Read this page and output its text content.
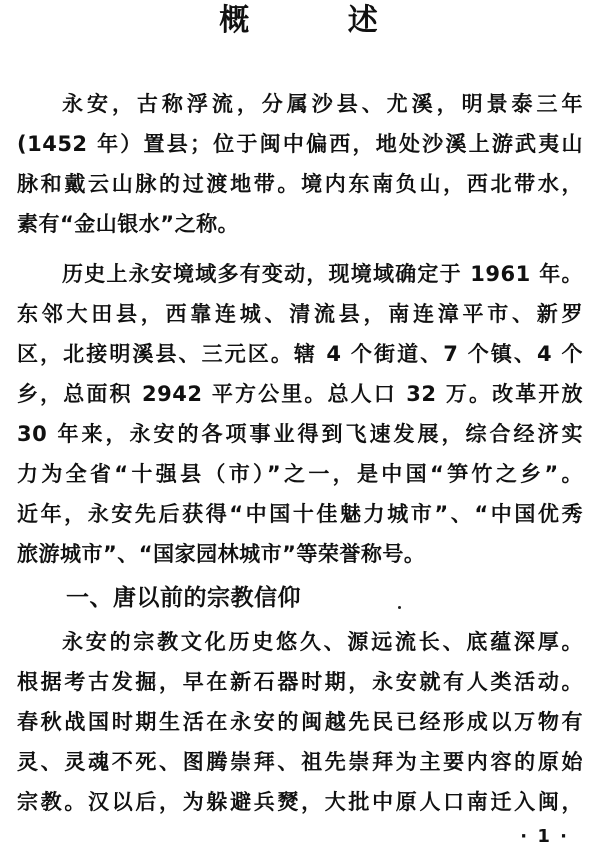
概 述
永安，古称浮流，分属沙县、尤溪，明景泰三年
(1452 年）置县；位于闽中偏西，地处沙溪上游武夷山
脉和戴云山脉的过渡地带。境内东南负山，西北带水，
素有“金山银水”之称。
历史上永安境域多有变动，现境域确定于 1961 年。
东邻大田县，西靠连城、清流县，南连漳平市、新罗
区，北接明溪县、三元区。辖 4 个街道、7 个镇、4 个
乡，总面积 2942 平方公里。总人口 32 万。改革开放
30 年来，永安的各项事业得到飞速发展，综合经济实
力为全省“十强县（市）”之一，是中国“笋竹之乡”。
近年，永安先后获得“中国十佳魅力城市”、“中国优秀
旅游城市”、“国家园林城市”等荣誉称号。
一、唐以前的宗教信仰
永安的宗教文化历史悠久、源远流长、底蕴深厚。
根据考古发掘，早在新石器时期，永安就有人类活动。
春秋战国时期生活在永安的闽越先民已经形成以万物有
灵、灵魂不死、图腾崇拜、祖先崇拜为主要内容的原始
宗教。汉以后，为躲避兵燹，大批中原人口南迁入闽，
· 1 ·
